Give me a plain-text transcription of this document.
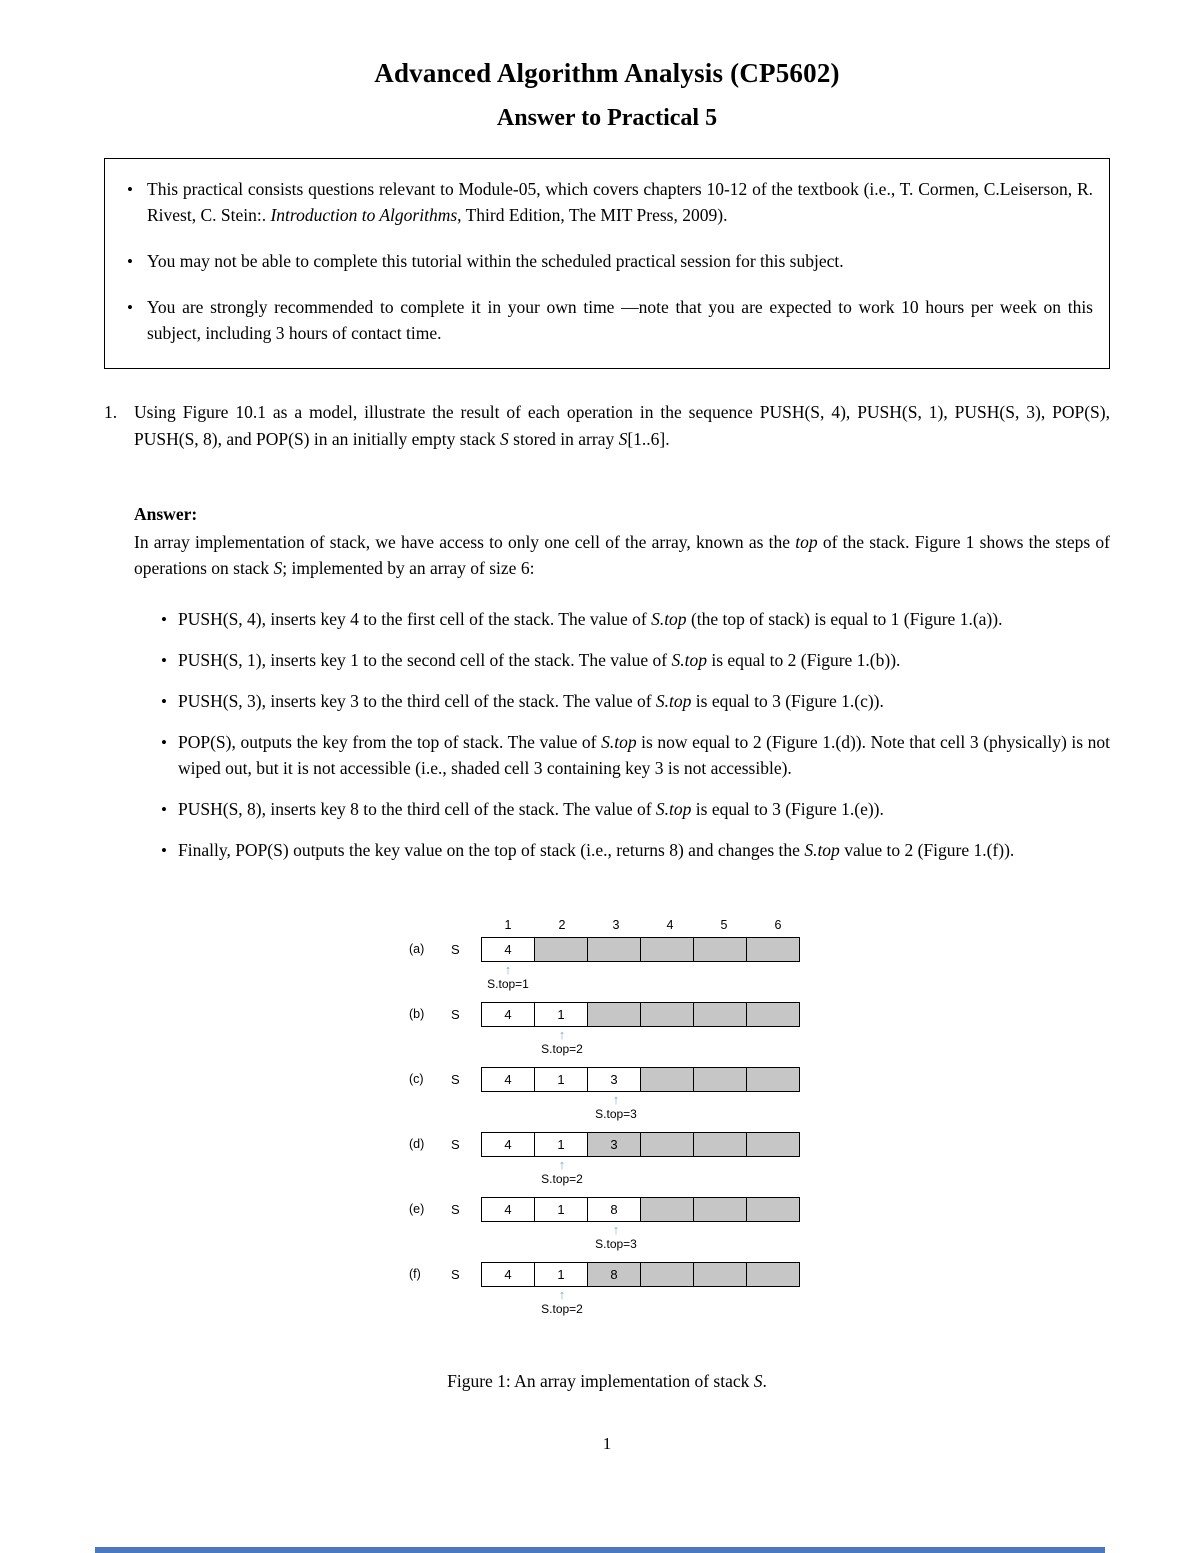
Advanced Algorithm Analysis (CP5602)
Answer to Practical 5
• This practical consists questions relevant to Module-05, which covers chapters 10-12 of the textbook (i.e., T. Cormen, C.Leiserson, R. Rivest, C. Stein:. Introduction to Algorithms, Third Edition, The MIT Press, 2009).
• You may not be able to complete this tutorial within the scheduled practical session for this subject.
• You are strongly recommended to complete it in your own time —note that you are expected to work 10 hours per week on this subject, including 3 hours of contact time.
1. Using Figure 10.1 as a model, illustrate the result of each operation in the sequence PUSH(S, 4), PUSH(S, 1), PUSH(S, 3), POP(S), PUSH(S, 8), and POP(S) in an initially empty stack S stored in array S[1..6].

Answer:

In array implementation of stack, we have access to only one cell of the array, known as the top of the stack. Figure 1 shows the steps of operations on stack S; implemented by an array of size 6:

• PUSH(S, 4), inserts key 4 to the first cell of the stack. The value of S.top (the top of stack) is equal to 1 (Figure 1.(a)).
• PUSH(S, 1), inserts key 1 to the second cell of the stack. The value of S.top is equal to 2 (Figure 1.(b)).
• PUSH(S, 3), inserts key 3 to the third cell of the stack. The value of S.top is equal to 3 (Figure 1.(c)).
• POP(S), outputs the key from the top of stack. The value of S.top is now equal to 2 (Figure 1.(d)). Note that cell 3 (physically) is not wiped out, but it is not accessible (i.e., shaded cell 3 containing key 3 is not accessible).
• PUSH(S, 8), inserts key 8 to the third cell of the stack. The value of S.top is equal to 3 (Figure 1.(e)).
• Finally, POP(S) outputs the key value on the top of stack (i.e., returns 8) and changes the S.top value to 2 (Figure 1.(f)).
1	2	3	4	5	6
(a)	S	4
↑
S.top=1
(b)	S	4	1
↑
S.top=2
(c)	S	4	1	3
↑
S.top=3
(d)	S	4	1	3
↑
S.top=2
(e)	S	4	1	8
↑
S.top=3
(f)	S	4	1	8
↑
S.top=2
Figure 1: An array implementation of stack S.
1
